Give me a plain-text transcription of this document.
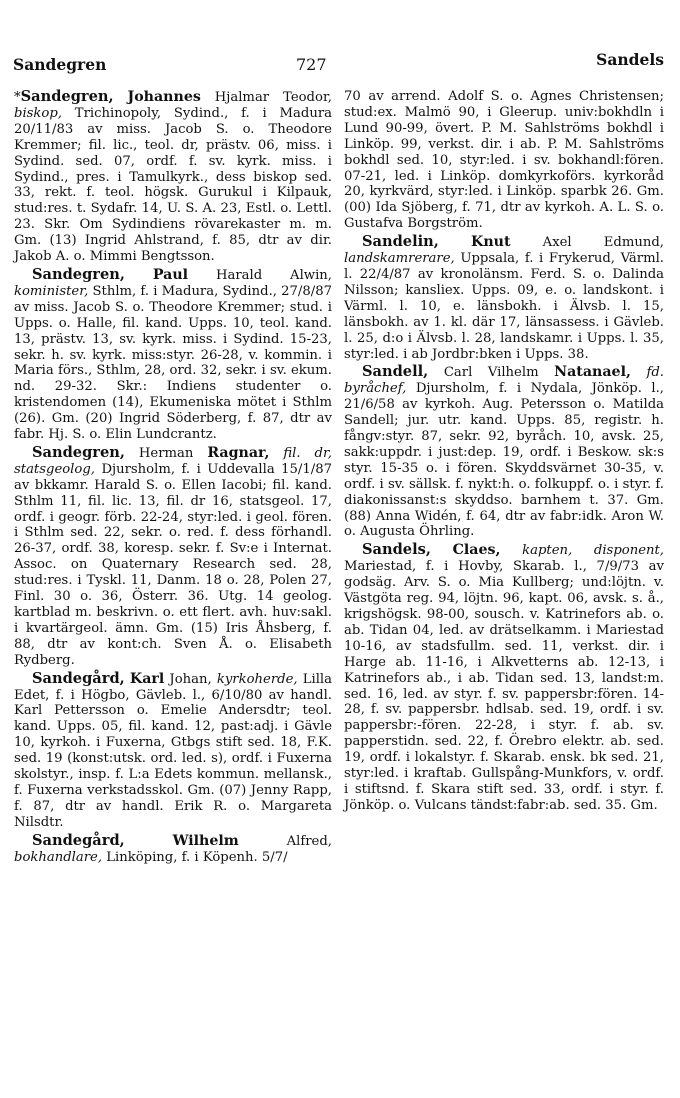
Sandegren	727	Sandels

*Sandegren, Johannes Hjalmar Teodor, biskop, Trichinopoly, Sydind., f. i Madura 20/11/83 av miss. Jacob S. o. Theodore Kremmer; fil. lic., teol. dr, prästv. 06, miss. i Sydind. sed. 07, ordf. f. sv. kyrk. miss. i Sydind., pres. i Tamulkyrk., dess biskop sed. 33, rekt. f. teol. högsk. Gurukul i Kilpauk, stud:res. t. Sydafr. 14, U. S. A. 23, Estl. o. Lettl. 23. Skr. Om Sydindiens rövarekaster m. m. Gm. (13) Ingrid Ahlstrand, f. 85, dtr av dir. Jakob A. o. Mimmi Bengtsson.

Sandegren, Paul Harald Alwin, kominister, Sthlm, f. i Madura, Sydind., 27/8/87 av miss. Jacob S. o. Theodore Kremmer; stud. i Upps. o. Halle, fil. kand. Upps. 10, teol. kand. 13, prästv. 13, sv. kyrk. miss. i Sydind. 15-23, sekr. h. sv. kyrk. miss:styr. 26-28, v. kommin. i Maria förs., Sthlm, 28, ord. 32, sekr. i sv. ekum. nd. 29-32. Skr.: Indiens studenter o. kristendomen (14), Ekumeniska mötet i Sthlm (26). Gm. (20) Ingrid Söderberg, f. 87, dtr av fabr. Hj. S. o. Elin Lundcrantz.

Sandegren, Herman Ragnar, fil. dr, statsgeolog, Djursholm, f. i Uddevalla 15/1/87 av bkkamr. Harald S. o. Ellen Iacobi; fil. kand. Sthlm 11, fil. lic. 13, fil. dr 16, statsgeol. 17, ordf. i geogr. förb. 22-24, styr:led. i geol. fören. i Sthlm sed. 22, sekr. o. red. f. dess förhandl. 26-37, ordf. 38, koresp. sekr. f. Sv:e i Internat. Assoc. on Quaternary Research sed. 28, stud:res. i Tyskl. 11, Danm. 18 o. 28, Polen 27, Finl. 30 o. 36, Österr. 36. Utg. 14 geolog. kartblad m. beskrivn. o. ett flert. avh. huv:sakl. i kvartärgeol. ämn. Gm. (15) Iris Åhsberg, f. 88, dtr av kont:ch. Sven Å. o. Elisabeth Rydberg.

Sandegård, Karl Johan, kyrkoherde, Lilla Edet, f. i Högbo, Gävleb. l., 6/10/80 av handl. Karl Pettersson o. Emelie Andersdtr; teol. kand. Upps. 05, fil. kand. 12, past:adj. i Gävle 10, kyrkoh. i Fuxerna, Gtbgs stift sed. 18, F.K. sed. 19 (konst:utsk. ord. led. s), ordf. i Fuxerna skolstyr., insp. f. L:a Edets kommun. mellansk., f. Fuxerna verkstadsskol. Gm. (07) Jenny Rapp, f. 87, dtr av handl. Erik R. o. Margareta Nilsdtr.

Sandegård,	Wilhelm Alfred, bokhandlare, Linköping, f. i Köpenh. 5/7/

70 av arrend. Adolf S. o. Agnes Christensen; stud:ex. Malmö 90, i Gleerup. univ:bokhdln i Lund 90-99, övert. P. M. Sahlströms bokhdl i Linköp. 99, verkst. dir. i ab. P. M. Sahlströms bokhdl sed. 10, styr:led. i sv. bokhandl:fören. 07-21, led. i Linköp. domkyrkoförs. kyrkoråd 20, kyrkvärd, styr:led. i Linköp. sparbk 26. Gm. (00) Ida Sjöberg, f. 71, dtr av kyrkoh. A. L. S. o. Gustafva Borgström.

Sandelin, Knut Axel Edmund, landskamrerare, Uppsala, f. i Frykerud, Värml. l. 22/4/87 av kronolänsm. Ferd. S. o. Dalinda Nilsson; kansliex. Upps. 09, e. o. landskont. i Värml. l. 10, e. länsbokh. i Älvsb. l. 15, länsbokh. av 1. kl. där 17, länsassess. i Gävleb. l. 25, d:o i Älvsb. l. 28, landskamr. i Upps. l. 35, styr:led. i ab Jordbr:bken i Upps. 38.

Sandell, Carl Vilhelm Natanael, fd. byråchef, Djursholm, f. i Nydala, Jönköp. l., 21/6/58 av kyrkoh. Aug. Petersson o. Matilda Sandell; jur. utr. kand. Upps. 85, registr. h. fångv:styr. 87, sekr. 92, byråch. 10, avsk. 25, sakk:uppdr. i just:dep. 19, ordf. i Beskow. sk:s styr. 15-35 o. i fören. Skyddsvärnet 30-35, v. ordf. i sv. sällsk. f. nykt:h. o. folkuppf. o. i styr. f. diakonissanst:s skyddso. barnhem t. 37. Gm. (88) Anna Widén, f. 64, dtr av fabr:idk. Aron W. o. Augusta Öhrling.

Sandels, Claes, kapten, disponent, Mariestad, f. i Hovby, Skarab. l., 7/9/73 av godsäg. Arv. S. o. Mia Kullberg; und:löjtn. v. Västgöta reg. 94, löjtn. 96, kapt. 06, avsk. s. å., krigshögsk. 98-00, sousch. v. Katrinefors ab. o. ab. Tidan 04, led. av drätselkamm. i Mariestad 10-16, av stadsfullm. sed. 11, verkst. dir. i Harge ab. 11-16, i Alkvetterns ab. 12-13, i Katrinefors ab., i ab. Tidan sed. 13, landst:m. sed. 16, led. av styr. f. sv. pappersbr:fören. 14-28, f. sv. pappersbr. hdlsab. sed. 19, ordf. i sv. pappersbr:-fören. 22-28, i styr. f. ab. sv. papperstidn. sed. 22, f. Örebro elektr. ab. sed. 19, ordf. i lokalstyr. f. Skarab. ensk. bk sed. 21, styr:led. i kraftab. Gullspång-Munkfors, v. ordf. i stiftsnd. f. Skara stift sed. 33, ordf. i styr. f. Jönköp. o. Vulcans tändst:fabr:ab. sed. 35. Gm.
